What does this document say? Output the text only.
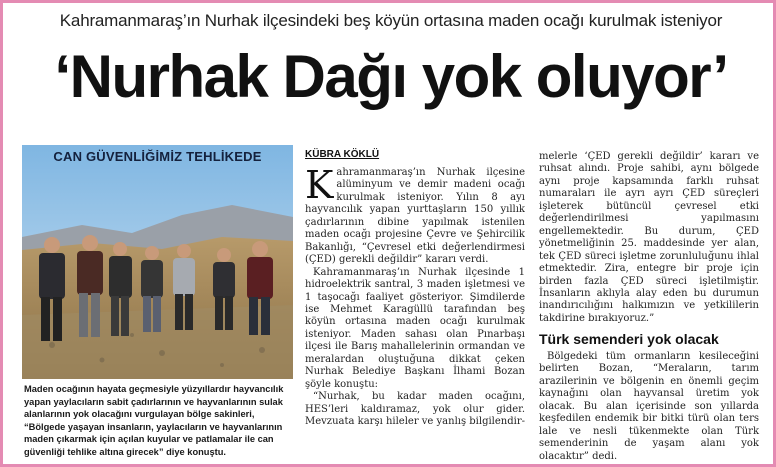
Kahramanmaraş’ın Nurhak ilçesindeki beş köyün ortasına maden ocağı kurulmak isteniyor
‘Nurhak Dağı yok oluyor’
CAN GÜVENLİĞİMİZ TEHLİKEDE

Maden ocağının hayata geçmesiyle yüzyıllardır hayvancılık yapan yaylacıların sabit çadırlarının ve hayvanlarının sulak alanlarının yok olacağını vurgulayan bölge sakinleri, “Bölgede yaşayan insanların, yaylacıların ve hayvanlarının maden çıkarmak için açılan kuyular ve patlamalar ile can güvenliği tehlike altına girecek” diye konuştu.

KÜBRA KÖKLÜ

Kahramanmaraş’ın Nurhak ilçesine alüminyum ve demir madeni ocağı kurulmak isteniyor. Yılın 8 ayı hayvancılık yapan yurttaşların 150 yıllık çadırlarının dibine yapılmak istenilen maden ocağı projesine Çevre ve Şehircilik Bakanlığı, “Çevresel etki değerlendirmesi (ÇED) gerekli değildir” kararı verdi.

Kahramanmaraş’ın Nurhak ilçesinde 1 hidroelektrik santral, 3 maden işletmesi ve 1 taşocağı faaliyet gösteriyor. Şimdilerde ise Mehmet Karagüllü tarafından beş köyün ortasına maden ocağı kurulmak isteniyor. Maden sahası olan Pınarbaşı ilçesi ile Barış mahallelerinin ormandan ve meralardan oluştuğuna dikkat çeken Nurhak Belediye Başkanı İlhami Bozan şöyle konuştu:

“Nurhak, bu kadar maden ocağını, HES’leri kaldıramaz, yok olur gider. Mevzuata karşı hileler ve yanlış bilgilendir-

melerle ‘ÇED gerekli değildir’ kararı ve ruhsat alındı. Proje sahibi, aynı bölgede aynı proje kapsamında farklı ruhsat numaraları ile ayrı ayrı ÇED süreçleri işleterek bütüncül çevresel etki değerlendirilmesi yapılmasını engellemektedir. Bu durum, ÇED yönetmeliğinin 25. maddesinde yer alan, tek ÇED süreci işletme zorunluluğunu ihlal etmektedir. Zira, entegre bir proje için birden fazla ÇED süreci işletilmiştir. İnsanların aklıyla alay eden bu durumun inandırıcılığını halkımızın ve yetkililerin takdirine bırakıyoruz.”

Türk semenderi yok olacak

Bölgedeki tüm ormanların kesileceğini belirten Bozan, “Meraların, tarım arazilerinin ve bölgenin en önemli geçim kaynağını olan hayvansal üretim yok olacak. Bu alan içerisinde son yıllarda keşfedilen endemik bir bitki türü olan ters lale ve nesli tükenmekte olan Türk semenderinin de yaşam alanı yok olacaktır” dedi.
